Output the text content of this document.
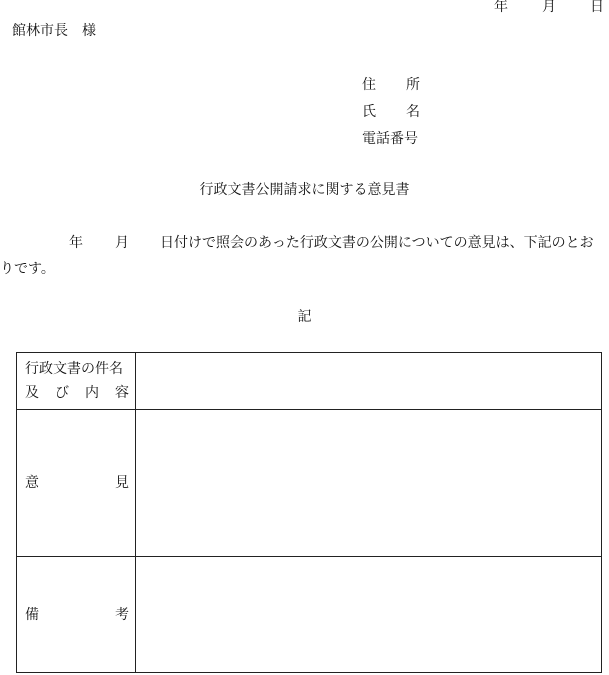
年 月 日
館林市長　様
住 所
氏 名
電話番号
行政文書公開請求に関する意見書
年 月 日付けで照会のあった行政文書の公開についての意見は、下記のとお
りです。
記
行政文書の件名
及 び 内 容	

意 見	

備 考	
